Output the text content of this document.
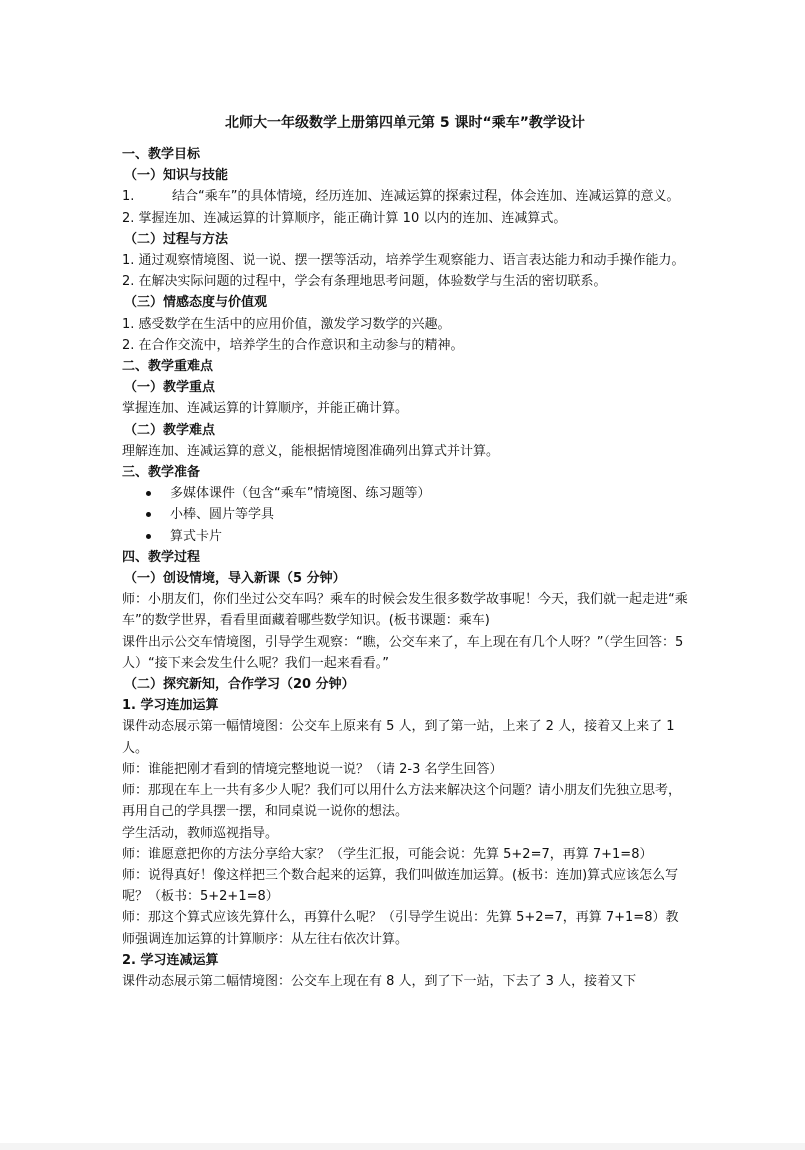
北师大一年级数学上册第四单元第 5 课时“乘车”教学设计
一、教学目标
（一）知识与技能
1.	结合“乘车”的具体情境，经历连加、连减运算的探索过程，体会连加、连减运算的意义。

2. 掌握连加、连减运算的计算顺序，能正确计算 10 以内的连加、连减算式。

（二）过程与方法

1. 通过观察情境图、说一说、摆一摆等活动，培养学生观察能力、语言表达能力和动手操作能力。

2. 在解决实际问题的过程中，学会有条理地思考问题，体验数学与生活的密切联系。

（三）情感态度与价值观

1. 感受数学在生活中的应用价值，激发学习数学的兴趣。

2. 在合作交流中，培养学生的合作意识和主动参与的精神。

二、教学重难点
（一）教学重点

掌握连加、连减运算的计算顺序，并能正确计算。

（二）教学难点

理解连加、连减运算的意义，能根据情境图准确列出算式并计算。

三、教学准备
多媒体课件（包含“乘车”情境图、练习题等）
小棒、圆片等学具
算式卡片
四、教学过程
（一）创设情境，导入新课（5 分钟）

师：小朋友们，你们坐过公交车吗？乘车的时候会发生很多数学故事呢！今天，我们就一起走进“乘车”的数学世界，看看里面藏着哪些数学知识。(板书课题：乘车)

课件出示公交车情境图，引导学生观察：“瞧，公交车来了，车上现在有几个人呀？”（学生回答：5 人）“接下来会发生什么呢？我们一起来看看。”

（二）探究新知，合作学习（20 分钟）
1. 学习连加运算

课件动态展示第一幅情境图：公交车上原来有 5 人，到了第一站，上来了 2 人，接着又上来了 1 人。

师：谁能把刚才看到的情境完整地说一说？（请 2-3 名学生回答）

师：那现在车上一共有多少人呢？我们可以用什么方法来解决这个问题？请小朋友们先独立思考，再用自己的学具摆一摆，和同桌说一说你的想法。

学生活动，教师巡视指导。

师：谁愿意把你的方法分享给大家？（学生汇报，可能会说：先算 5+2=7，再算 7+1=8）

师：说得真好！像这样把三个数合起来的运算，我们叫做连加运算。(板书：连加)算式应该怎么写呢？（板书：5+2+1=8）

师：那这个算式应该先算什么，再算什么呢？（引导学生说出：先算 5+2=7，再算 7+1=8）教师强调连加运算的计算顺序：从左往右依次计算。

2. 学习连减运算

课件动态展示第二幅情境图：公交车上现在有 8 人，到了下一站，下去了 3 人，接着又下
